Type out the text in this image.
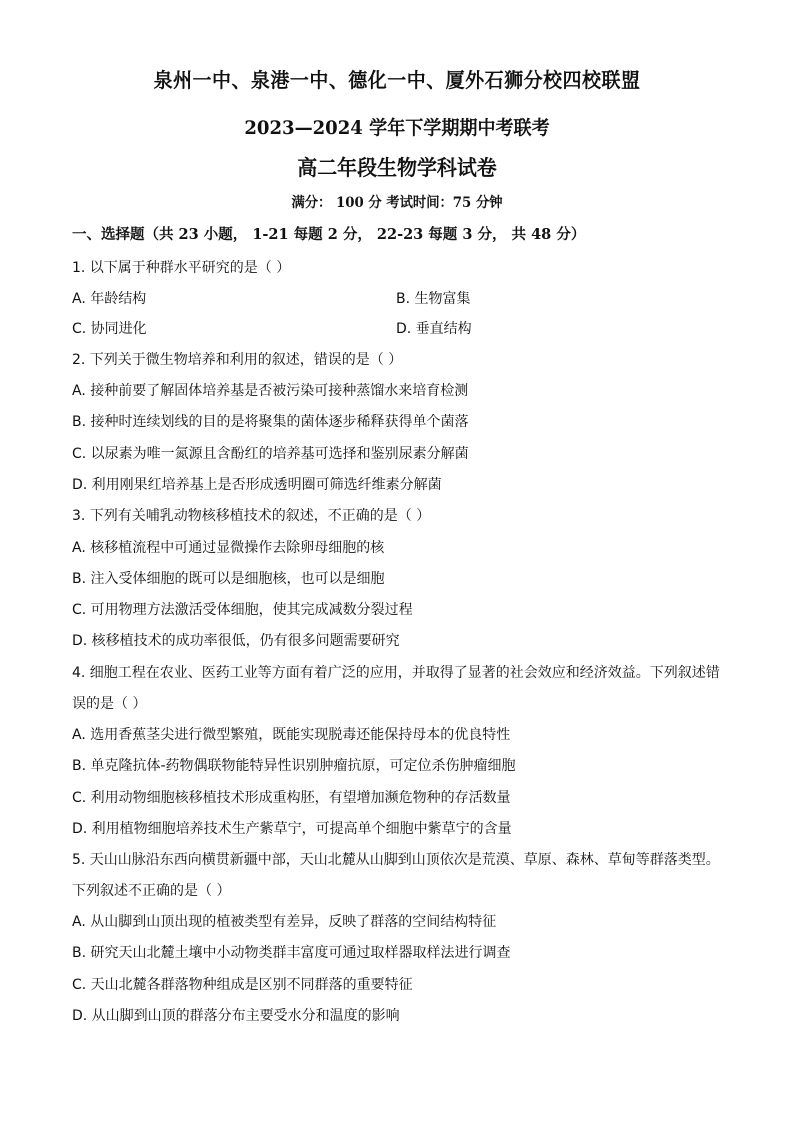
泉州一中、泉港一中、德化一中、厦外石狮分校四校联盟
2023—2024 学年下学期期中考联考
高二年段生物学科试卷
满分： 100 分 考试时间：75 分钟
一、选择题（共 23 小题， 1-21 每题 2 分， 22-23 每题 3 分， 共 48 分）
1. 以下属于种群水平研究的是（ ）
A. 年龄结构	B. 生物富集
C. 协同进化	D. 垂直结构
2. 下列关于微生物培养和利用的叙述，错误的是（ ）
A. 接种前要了解固体培养基是否被污染可接种蒸馏水来培育检测
B. 接种时连续划线的目的是将聚集的菌体逐步稀释获得单个菌落
C. 以尿素为唯一氮源且含酚红的培养基可选择和鉴别尿素分解菌
D. 利用刚果红培养基上是否形成透明圈可筛选纤维素分解菌
3. 下列有关哺乳动物核移植技术的叙述，不正确的是（ ）
A. 核移植流程中可通过显微操作去除卵母细胞的核
B. 注入受体细胞的既可以是细胞核，也可以是细胞
C. 可用物理方法激活受体细胞，使其完成减数分裂过程
D. 核移植技术的成功率很低，仍有很多问题需要研究
4. 细胞工程在农业、医药工业等方面有着广泛的应用，并取得了显著的社会效应和经济效益。下列叙述错
误的是（ ）
A. 选用香蕉茎尖进行微型繁殖，既能实现脱毒还能保持母本的优良特性
B. 单克隆抗体-药物偶联物能特异性识别肿瘤抗原，可定位杀伤肿瘤细胞
C. 利用动物细胞核移植技术形成重构胚，有望增加濒危物种的存活数量
D. 利用植物细胞培养技术生产紫草宁，可提高单个细胞中紫草宁的含量
5. 天山山脉沿东西向横贯新疆中部，天山北麓从山脚到山顶依次是荒漠、草原、森林、草甸等群落类型。
下列叙述不正确的是（ ）
A. 从山脚到山顶出现的植被类型有差异，反映了群落的空间结构特征
B. 研究天山北麓土壤中小动物类群丰富度可通过取样器取样法进行调查
C. 天山北麓各群落物种组成是区别不同群落的重要特征
D. 从山脚到山顶的群落分布主要受水分和温度的影响
